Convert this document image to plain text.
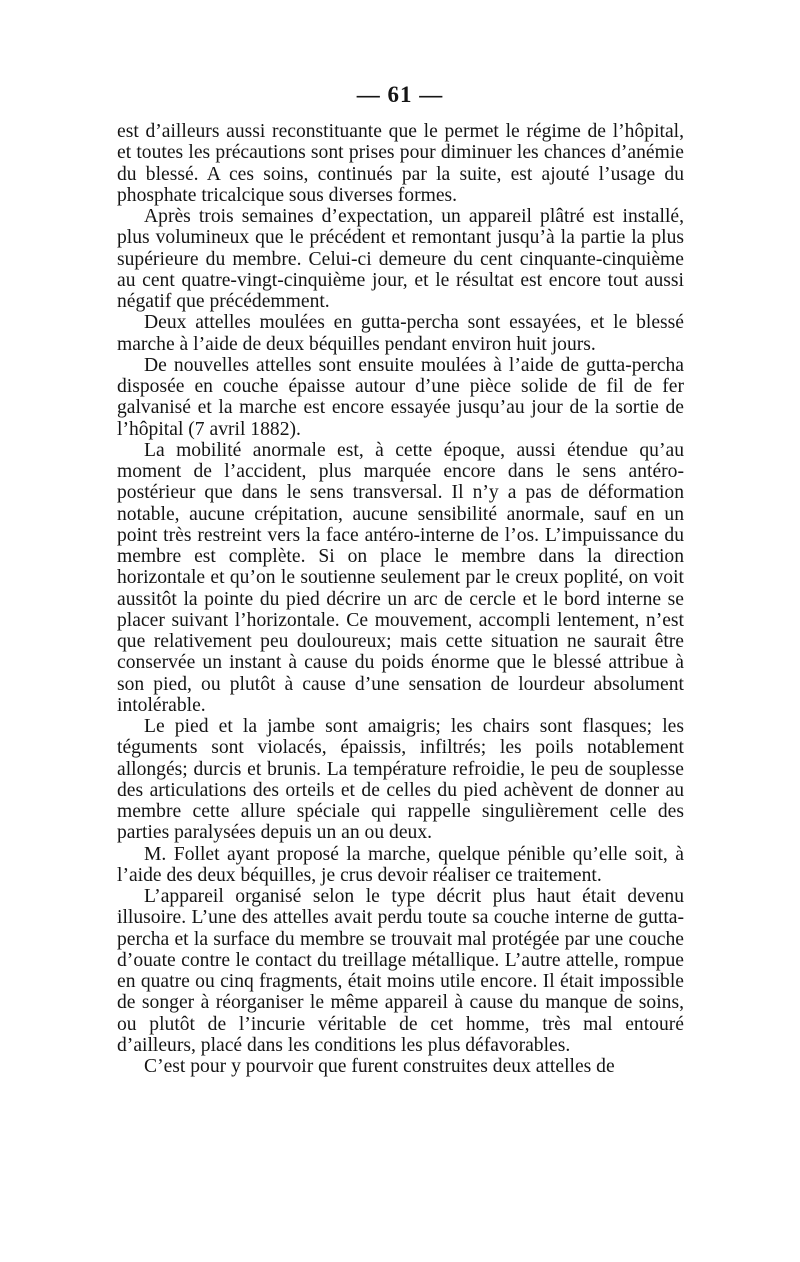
— 61 —

est d’ailleurs aussi reconstituante que le permet le régime de l’hôpital, et toutes les précautions sont prises pour diminuer les chances d’anémie du blessé. A ces soins, continués par la suite, est ajouté l’usage du phosphate tricalcique sous diverses formes.

Après trois semaines d’expectation, un appareil plâtré est installé, plus volumineux que le précédent et remontant jusqu’à la partie la plus supérieure du membre. Celui-ci demeure du cent cinquante-cinquième au cent quatre-vingt-cinquième jour, et le résultat est encore tout aussi négatif que précédemment.

Deux attelles moulées en gutta-percha sont essayées, et le blessé marche à l’aide de deux béquilles pendant environ huit jours.

De nouvelles attelles sont ensuite moulées à l’aide de gutta-percha disposée en couche épaisse autour d’une pièce solide de fil de fer galvanisé et la marche est encore essayée jusqu’au jour de la sortie de l’hôpital (7 avril 1882).

La mobilité anormale est, à cette époque, aussi étendue qu’au moment de l’accident, plus marquée encore dans le sens antéro-postérieur que dans le sens transversal. Il n’y a pas de déformation notable, aucune crépitation, aucune sensibilité anormale, sauf en un point très restreint vers la face antéro-interne de l’os. L’impuissance du membre est complète. Si on place le membre dans la direction horizontale et qu’on le soutienne seulement par le creux poplité, on voit aussitôt la pointe du pied décrire un arc de cercle et le bord interne se placer suivant l’horizontale. Ce mouvement, accompli lentement, n’est que relativement peu douloureux; mais cette situation ne saurait être conservée un instant à cause du poids énorme que le blessé attribue à son pied, ou plutôt à cause d’une sensation de lourdeur absolument intolérable.

Le pied et la jambe sont amaigris; les chairs sont flasques; les téguments sont violacés, épaissis, infiltrés; les poils notablement allongés; durcis et brunis. La température refroidie, le peu de souplesse des articulations des orteils et de celles du pied achèvent de donner au membre cette allure spéciale qui rappelle singulièrement celle des parties paralysées depuis un an ou deux.

M. Follet ayant proposé la marche, quelque pénible qu’elle soit, à l’aide des deux béquilles, je crus devoir réaliser ce traitement.

L’appareil organisé selon le type décrit plus haut était devenu illusoire. L’une des attelles avait perdu toute sa couche interne de gutta-percha et la surface du membre se trouvait mal protégée par une couche d’ouate contre le contact du treillage métallique. L’autre attelle, rompue en quatre ou cinq fragments, était moins utile encore. Il était impossible de songer à réorganiser le même appareil à cause du manque de soins, ou plutôt de l’incurie véritable de cet homme, très mal entouré d’ailleurs, placé dans les conditions les plus défavorables.

C’est pour y pourvoir que furent construites deux attelles de
